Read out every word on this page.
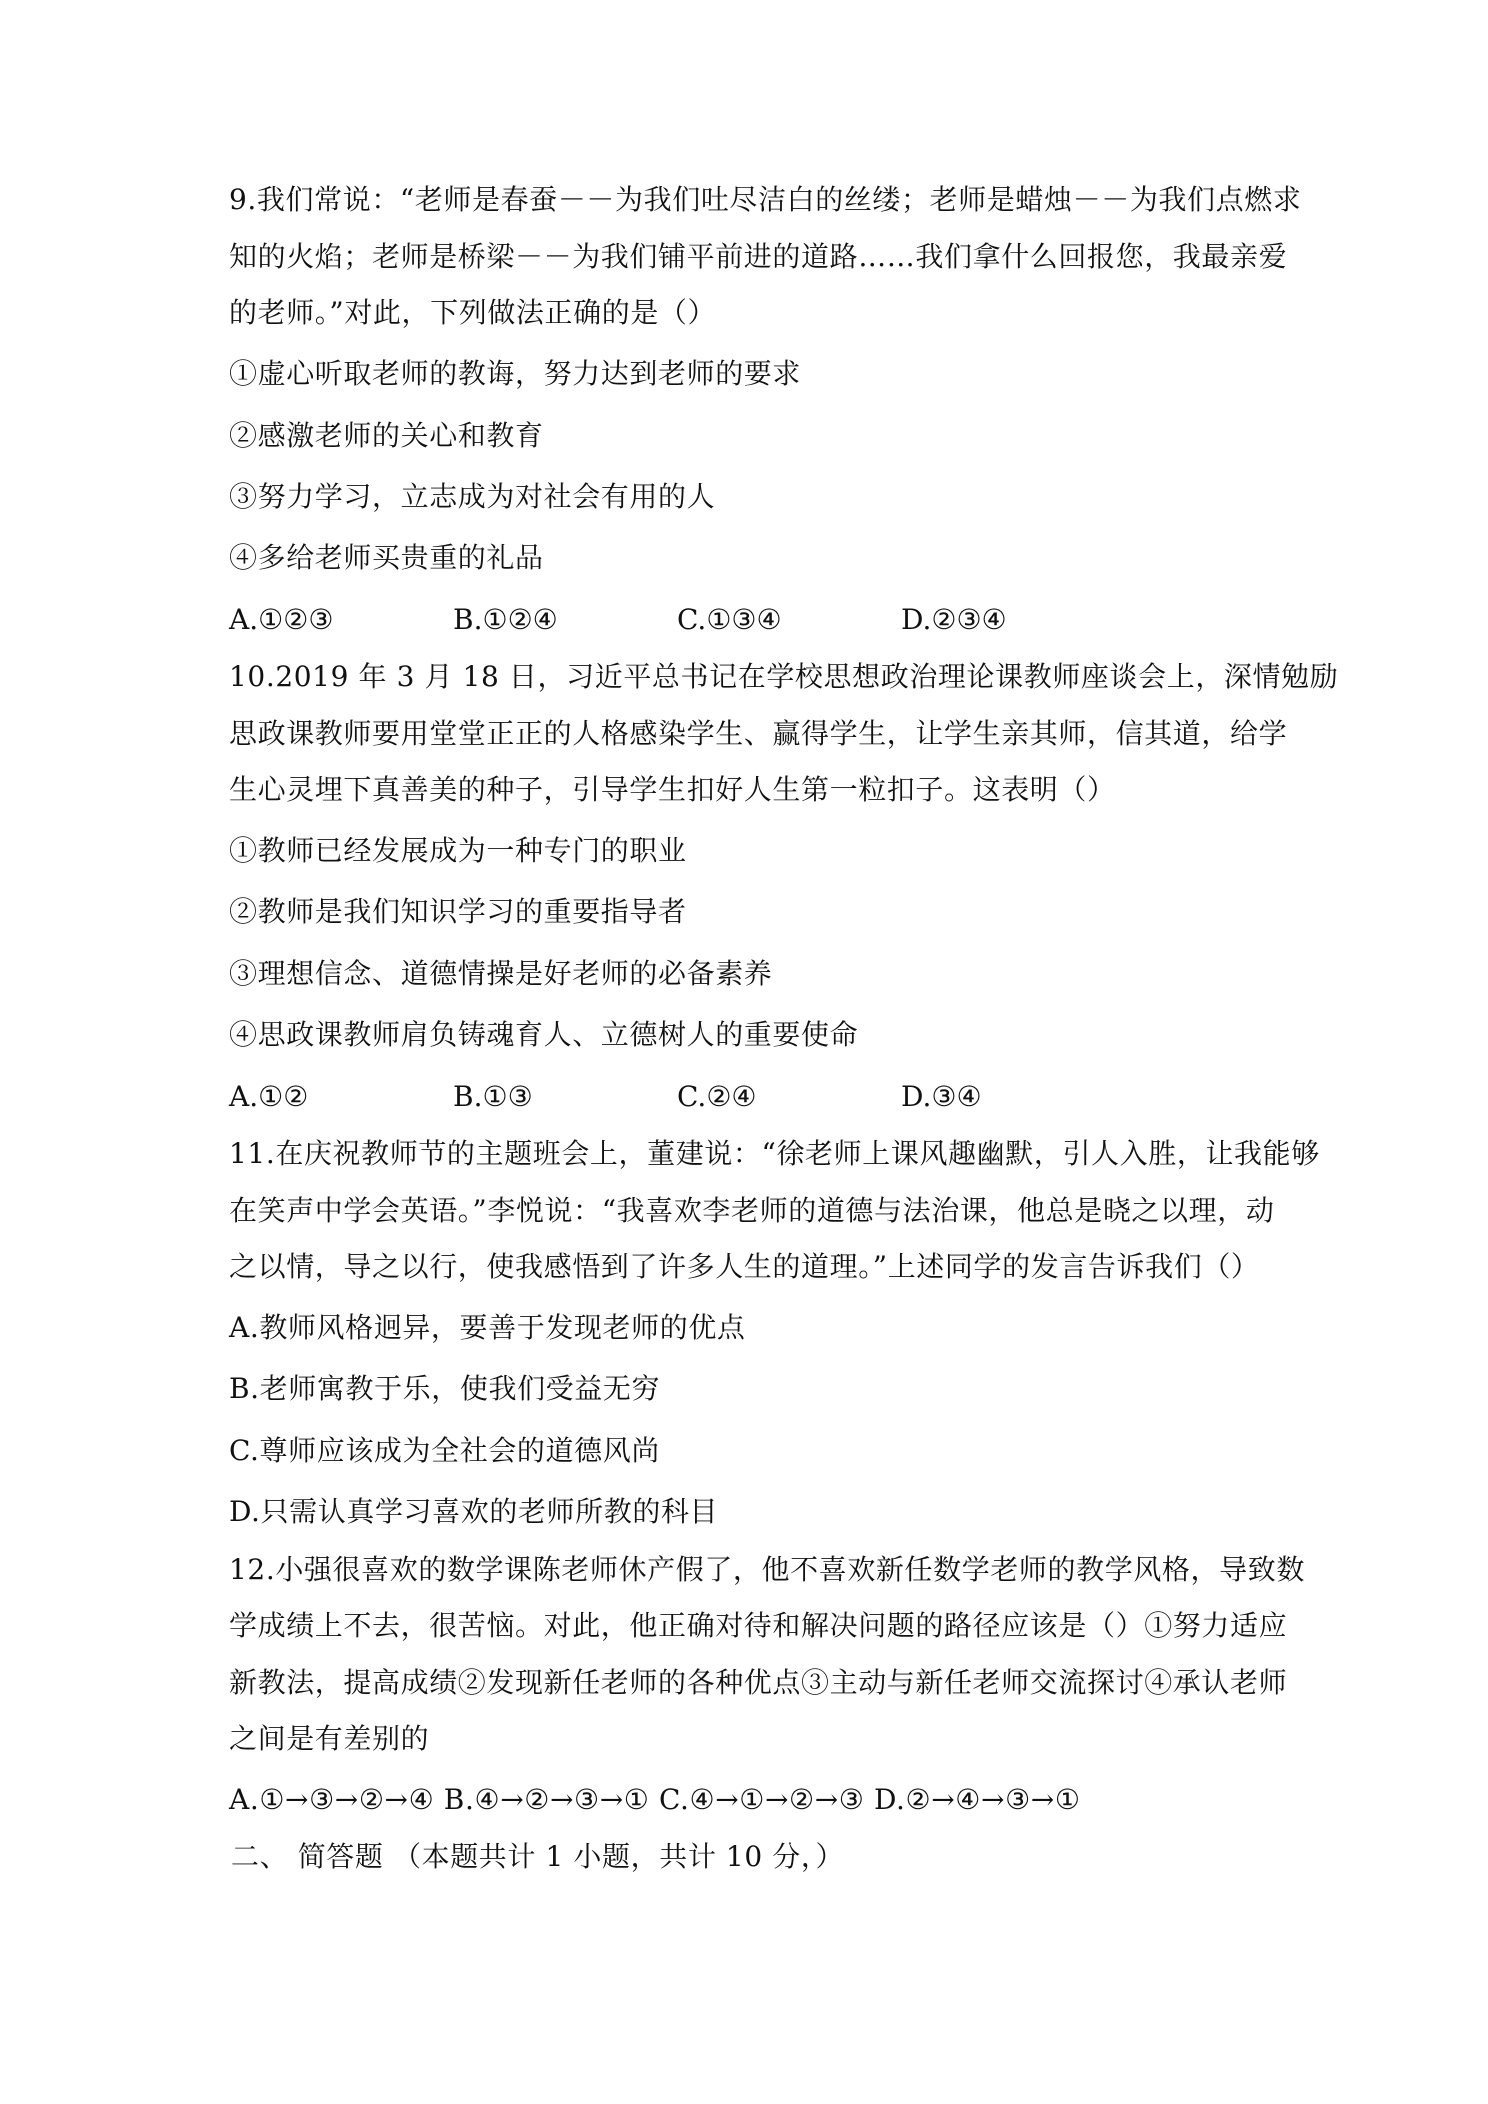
9.我们常说：“老师是春蚕－－为我们吐尽洁白的丝缕；老师是蜡烛－－为我们点燃求
知的火焰；老师是桥梁－－为我们铺平前进的道路……我们拿什么回报您，我最亲爱
的老师。”对此，下列做法正确的是（）
①虚心听取老师的教诲，努力达到老师的要求
②感激老师的关心和教育
③努力学习，立志成为对社会有用的人
④多给老师买贵重的礼品
A.①②③	B.①②④	C.①③④	D.②③④
10.2019 年 3 月 18 日，习近平总书记在学校思想政治理论课教师座谈会上，深情勉励
思政课教师要用堂堂正正的人格感染学生、赢得学生，让学生亲其师，信其道，给学
生心灵埋下真善美的种子，引导学生扣好人生第一粒扣子。这表明（）
①教师已经发展成为一种专门的职业
②教师是我们知识学习的重要指导者
③理想信念、道德情操是好老师的必备素养
④思政课教师肩负铸魂育人、立德树人的重要使命
A.①②	B.①③	C.②④	D.③④
11.在庆祝教师节的主题班会上，董建说：“徐老师上课风趣幽默，引人入胜，让我能够
在笑声中学会英语。”李悦说：“我喜欢李老师的道德与法治课，他总是晓之以理，动
之以情，导之以行，使我感悟到了许多人生的道理。”上述同学的发言告诉我们（）
A.教师风格迥异，要善于发现老师的优点
B.老师寓教于乐，使我们受益无穷
C.尊师应该成为全社会的道德风尚
D.只需认真学习喜欢的老师所教的科目
12.小强很喜欢的数学课陈老师休产假了，他不喜欢新任数学老师的教学风格，导致数
学成绩上不去，很苦恼。对此，他正确对待和解决问题的路径应该是（）①努力适应
新教法，提高成绩②发现新任老师的各种优点③主动与新任老师交流探讨④承认老师
之间是有差别的
A.①→③→②→④ B.④→②→③→① C.④→①→②→③ D.②→④→③→①
二、 简答题 （本题共计 1 小题，共计 10 分，）
